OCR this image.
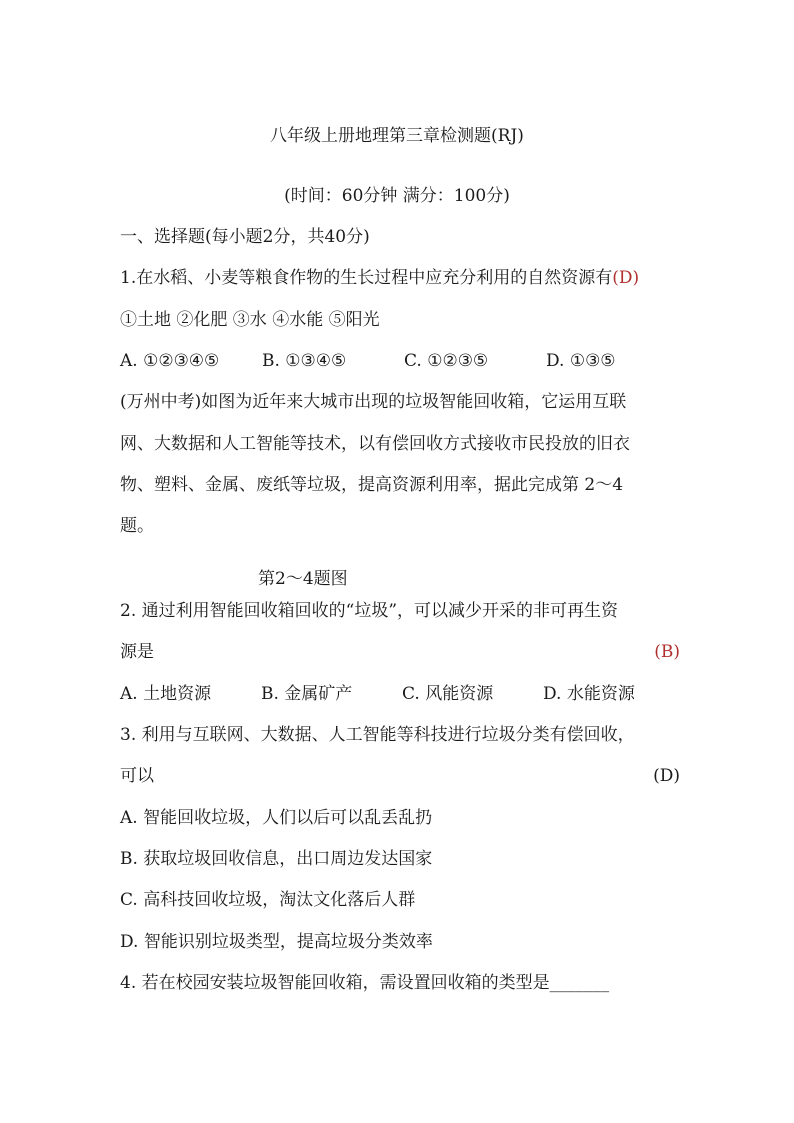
八年级上册地理第三章检测题(RJ)
(时间：60分钟 满分：100分)
一、选择题(每小题2分，共40分)
1.在水稻、小麦等粮食作物的生长过程中应充分利用的自然资源有(D)
①土地 ②化肥 ③水 ④水能 ⑤阳光
A. ①②③④⑤	B. ①③④⑤	C. ①②③⑤	D. ①③⑤
(万州中考)如图为近年来大城市出现的垃圾智能回收箱，它运用互联
网、大数据和人工智能等技术，以有偿回收方式接收市民投放的旧衣
物、塑料、金属、废纸等垃圾，提高资源利用率，据此完成第 2～4
题。
第2～4题图
2. 通过利用智能回收箱回收的“垃圾”，可以减少开采的非可再生资
源是	(B)
A. 土地资源	B. 金属矿产	C. 风能资源	D. 水能资源
3. 利用与互联网、大数据、人工智能等科技进行垃圾分类有偿回收，
可以	(D)
A. 智能回收垃圾，人们以后可以乱丢乱扔
B. 获取垃圾回收信息，出口周边发达国家
C. 高科技回收垃圾，淘汰文化落后人群
D. 智能识别垃圾类型，提高垃圾分类效率
4. 若在校园安装垃圾智能回收箱，需设置回收箱的类型是_______
